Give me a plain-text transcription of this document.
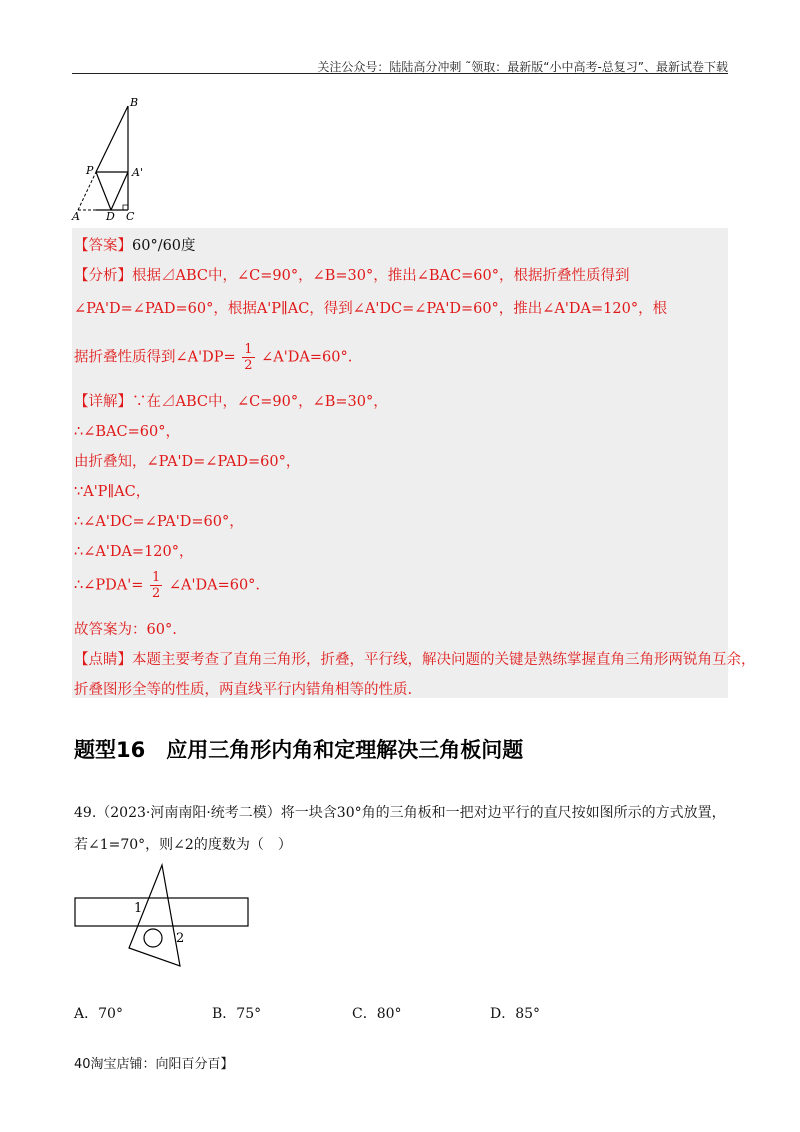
关注公众号：陆陆高分冲刺 ˜领取：最新版“小中高考-总复习”、最新试卷下载
B
P	A'
A D C
【答案】60°/60度
【分析】根据⊿ABC中，∠C=90°，∠B=30°，推出∠BAC=60°，根据折叠性质得到
∠PA'D=∠PAD=60°，根据A'P∥AC，得到∠A'DC=∠PA'D=60°，推出∠A'DA=120°，根
据折叠性质得到∠A'DP= $\frac{1}{2}$ ∠A'DA=60°.
【详解】∵在⊿ABC中，∠C=90°，∠B=30°，
∴∠BAC=60°，
由折叠知，∠PA'D=∠PAD=60°，
∵A'P∥AC，
∴∠A'DC=∠PA'D=60°，
∴∠A'DA=120°，
∴∠PDA'= $\frac{1}{2}$ ∠A'DA=60°.
故答案为：60°.
【点睛】本题主要考查了直角三角形，折叠，平行线，解决问题的关键是熟练掌握直角三角形两锐角互余，
折叠图形全等的性质，两直线平行内错角相等的性质.
题型16　应用三角形内角和定理解决三角板问题
49.（2023·河南南阳·统考二模）将一块含30°角的三角板和一把对边平行的直尺按如图所示的方式放置，
若∠1=70°，则∠2的度数为（　）
1
2
A．70°	B．75°	C．80°	D．85°
40淘宝店铺：向阳百分百】
